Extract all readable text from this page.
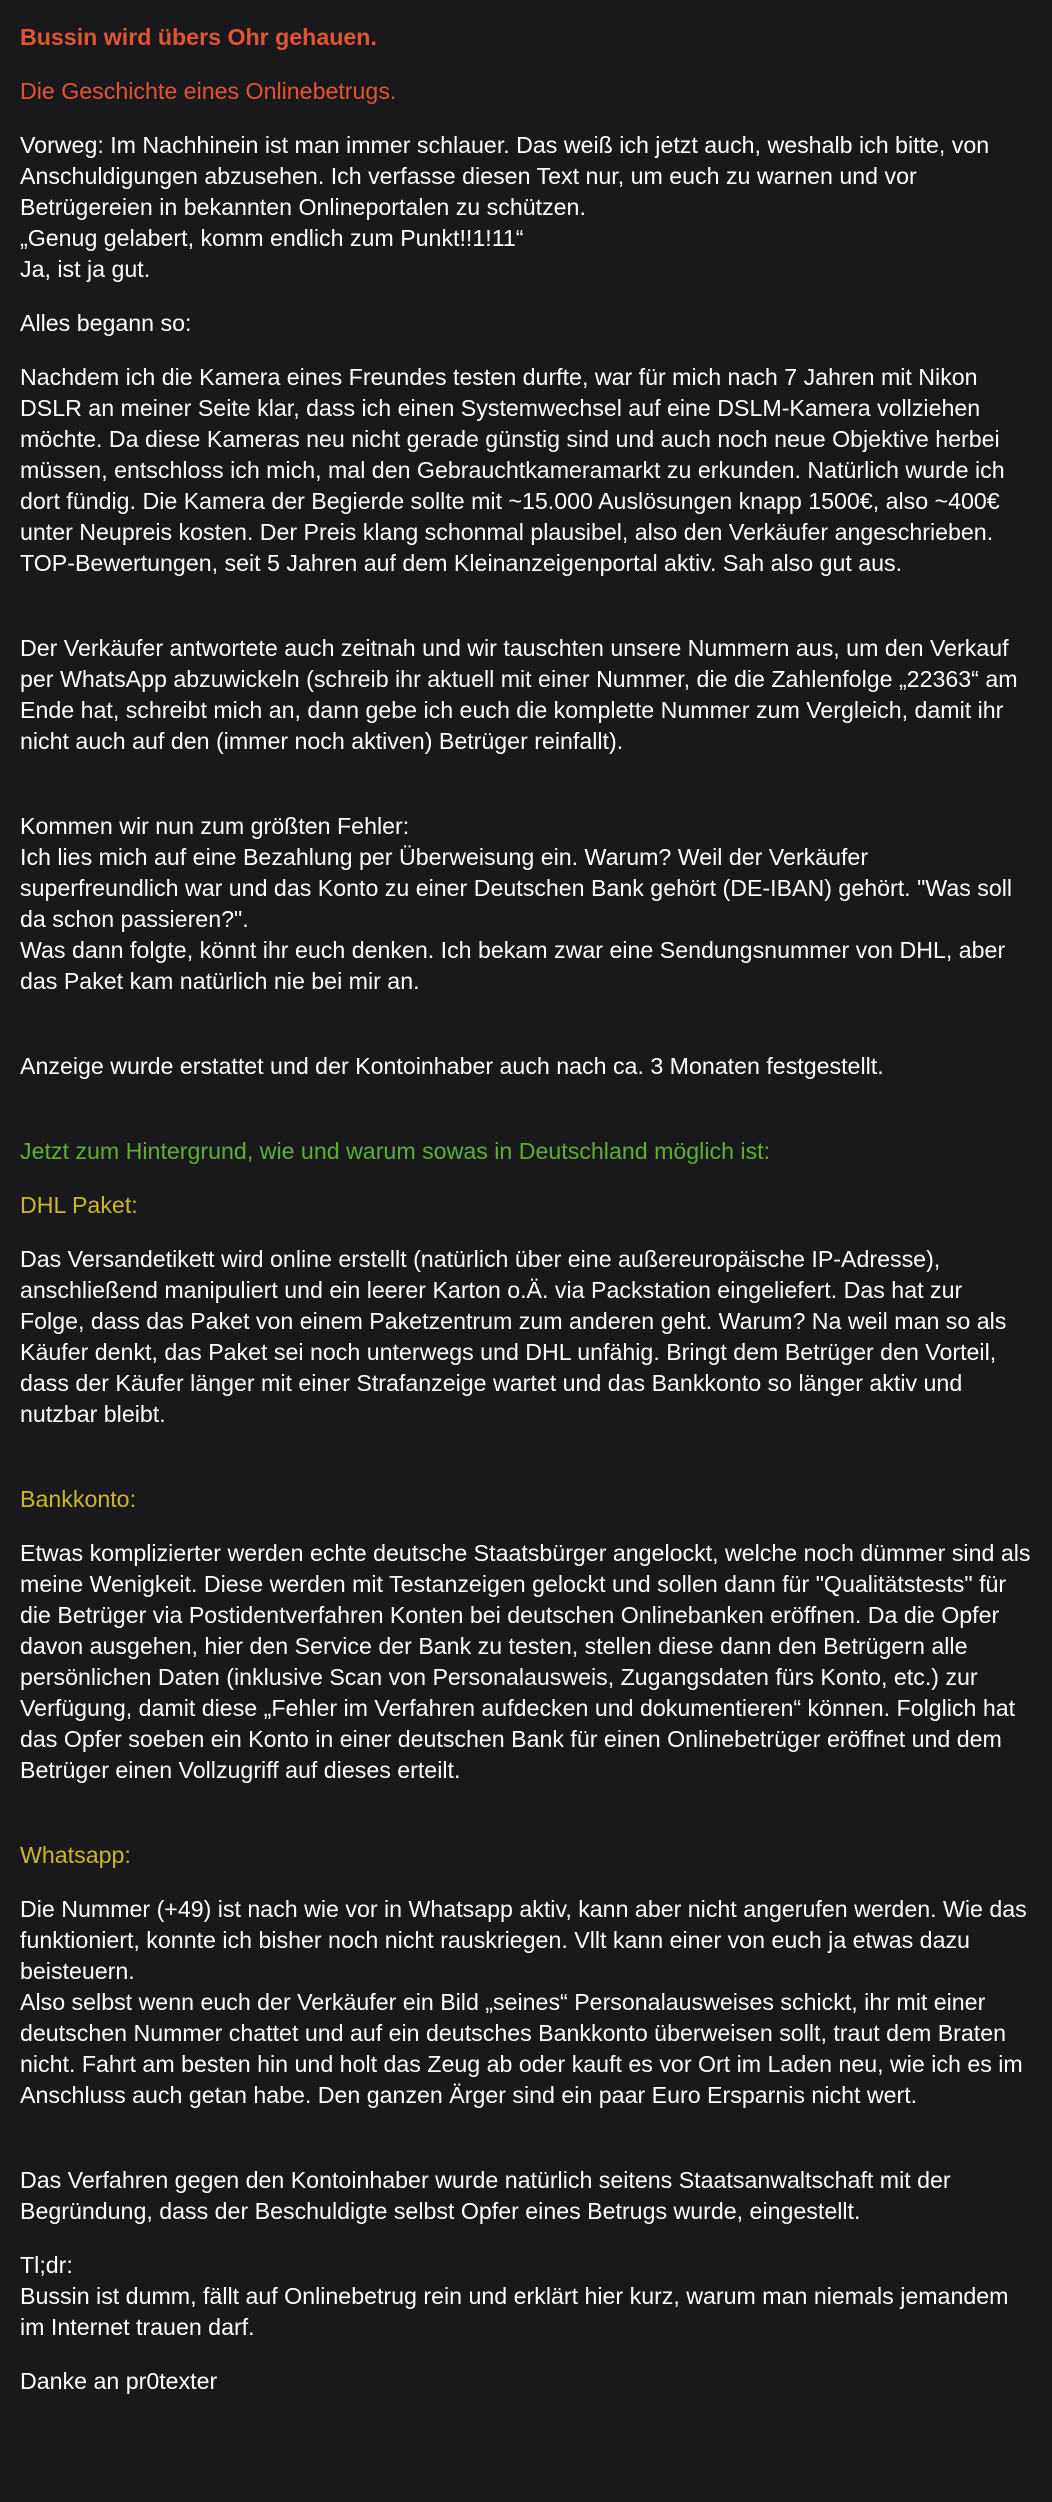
Bussin wird übers Ohr gehauen.
Die Geschichte eines Onlinebetrugs.
Vorweg: Im Nachhinein ist man immer schlauer. Das weiß ich jetzt auch, weshalb ich bitte, von Anschuldigungen abzusehen. Ich verfasse diesen Text nur, um euch zu warnen und vor Betrügereien in bekannten Onlineportalen zu schützen.
„Genug gelabert, komm endlich zum Punkt!!1!11“
Ja, ist ja gut.
Alles begann so:
Nachdem ich die Kamera eines Freundes testen durfte, war für mich nach 7 Jahren mit Nikon DSLR an meiner Seite klar, dass ich einen Systemwechsel auf eine DSLM-Kamera vollziehen möchte. Da diese Kameras neu nicht gerade günstig sind und auch noch neue Objektive herbei müssen, entschloss ich mich, mal den Gebrauchtkameramarkt zu erkunden. Natürlich wurde ich dort fündig. Die Kamera der Begierde sollte mit ~15.000 Auslösungen knapp 1500€, also ~400€ unter Neupreis kosten. Der Preis klang schonmal plausibel, also den Verkäufer angeschrieben. TOP-Bewertungen, seit 5 Jahren auf dem Kleinanzeigenportal aktiv. Sah also gut aus.
Der Verkäufer antwortete auch zeitnah und wir tauschten unsere Nummern aus, um den Verkauf per WhatsApp abzuwickeln (schreib ihr aktuell mit einer Nummer, die die Zahlenfolge „22363“ am Ende hat, schreibt mich an, dann gebe ich euch die komplette Nummer zum Vergleich, damit ihr nicht auch auf den (immer noch aktiven) Betrüger reinfallt).
Kommen wir nun zum größten Fehler:
Ich lies mich auf eine Bezahlung per Überweisung ein. Warum? Weil der Verkäufer superfreundlich war und das Konto zu einer Deutschen Bank gehört (DE-IBAN) gehört. "Was soll da schon passieren?".
Was dann folgte, könnt ihr euch denken. Ich bekam zwar eine Sendungsnummer von DHL, aber das Paket kam natürlich nie bei mir an.
Anzeige wurde erstattet und der Kontoinhaber auch nach ca. 3 Monaten festgestellt.
Jetzt zum Hintergrund, wie und warum sowas in Deutschland möglich ist:
DHL Paket:
Das Versandetikett wird online erstellt (natürlich über eine außereuropäische IP-Adresse), anschließend manipuliert und ein leerer Karton o.Ä. via Packstation eingeliefert. Das hat zur Folge, dass das Paket von einem Paketzentrum zum anderen geht. Warum? Na weil man so als Käufer denkt, das Paket sei noch unterwegs und DHL unfähig. Bringt dem Betrüger den Vorteil, dass der Käufer länger mit einer Strafanzeige wartet und das Bankkonto so länger aktiv und nutzbar bleibt.
Bankkonto:
Etwas komplizierter werden echte deutsche Staatsbürger angelockt, welche noch dümmer sind als meine Wenigkeit. Diese werden mit Testanzeigen gelockt und sollen dann für "Qualitätstests" für die Betrüger via Postidentverfahren Konten bei deutschen Onlinebanken eröffnen. Da die Opfer davon ausgehen, hier den Service der Bank zu testen, stellen diese dann den Betrügern alle persönlichen Daten (inklusive Scan von Personalausweis, Zugangsdaten fürs Konto, etc.) zur Verfügung, damit diese „Fehler im Verfahren aufdecken und dokumentieren“ können. Folglich hat das Opfer soeben ein Konto in einer deutschen Bank für einen Onlinebetrüger eröffnet und dem Betrüger einen Vollzugriff auf dieses erteilt.
Whatsapp:
Die Nummer (+49) ist nach wie vor in Whatsapp aktiv, kann aber nicht angerufen werden. Wie das funktioniert, konnte ich bisher noch nicht rauskriegen. Vllt kann einer von euch ja etwas dazu beisteuern.
Also selbst wenn euch der Verkäufer ein Bild „seines“ Personalausweises schickt, ihr mit einer deutschen Nummer chattet und auf ein deutsches Bankkonto überweisen sollt, traut dem Braten nicht. Fahrt am besten hin und holt das Zeug ab oder kauft es vor Ort im Laden neu, wie ich es im Anschluss auch getan habe. Den ganzen Ärger sind ein paar Euro Ersparnis nicht wert.
Das Verfahren gegen den Kontoinhaber wurde natürlich seitens Staatsanwaltschaft mit der Begründung, dass der Beschuldigte selbst Opfer eines Betrugs wurde, eingestellt.
Tl;dr:
Bussin ist dumm, fällt auf Onlinebetrug rein und erklärt hier kurz, warum man niemals jemandem im Internet trauen darf.
Danke an pr0texter
